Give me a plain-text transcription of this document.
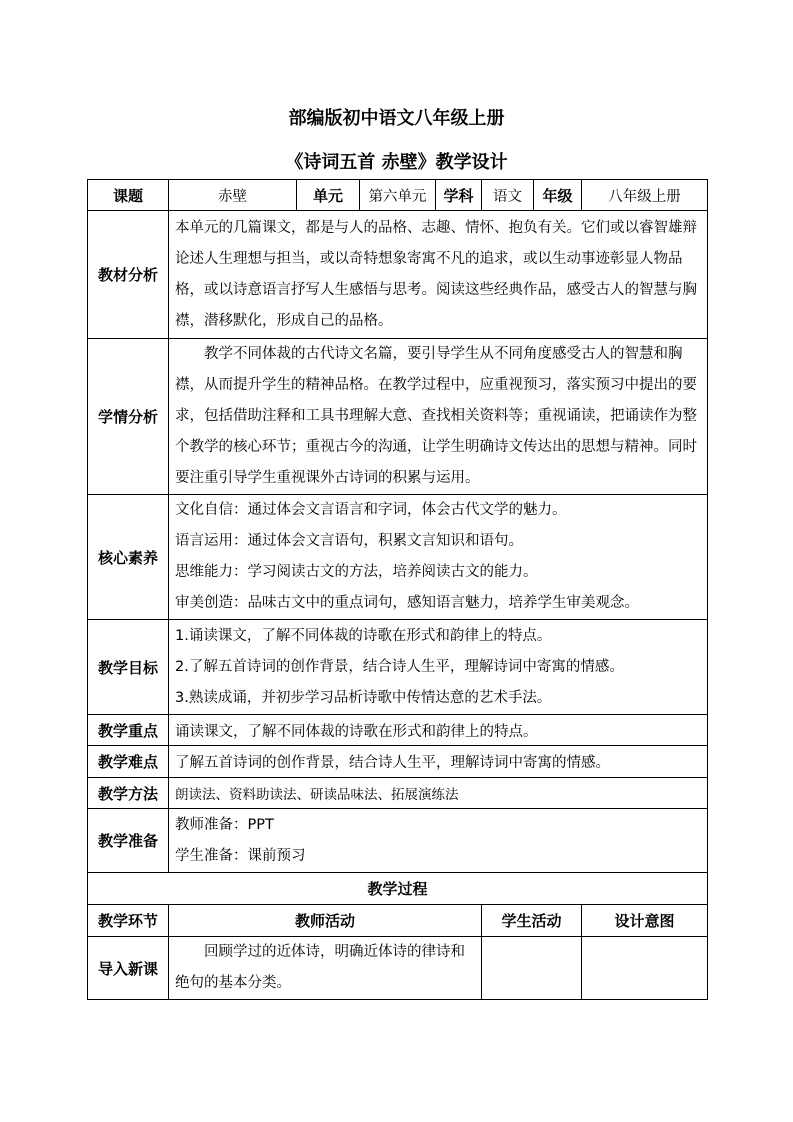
部编版初中语文八年级上册
《诗词五首 赤壁》教学设计
课题	赤壁	单元	第六单元	学科	语文	年级	八年级上册
教材分析	本单元的几篇课文，都是与人的品格、志趣、情怀、抱负有关。它们或以睿智雄辩论述人生理想与担当，或以奇特想象寄寓不凡的追求，或以生动事迹彰显人物品格，或以诗意语言抒写人生感悟与思考。阅读这些经典作品，感受古人的智慧与胸襟，潜移默化，形成自己的品格。						

学情分析	教学不同体裁的古代诗文名篇，要引导学生从不同角度感受古人的智慧和胸襟，从而提升学生的精神品格。在教学过程中，应重视预习，落实预习中提出的要求，包括借助注释和工具书理解大意、查找相关资料等；重视诵读，把诵读作为整个教学的核心环节；重视古今的沟通，让学生明确诗文传达出的思想与精神。同时要注重引导学生重视课外古诗词的积累与运用。						

核心素养	文化自信：通过体会文言语言和字词，体会古代文学的魅力。
语言运用：通过体会文言语句，积累文言知识和语句。
思维能力：学习阅读古文的方法，培养阅读古文的能力。
审美创造：品味古文中的重点词句，感知语言魅力，培养学生审美观念。						

教学目标	1.诵读课文，了解不同体裁的诗歌在形式和韵律上的特点。
2.了解五首诗词的创作背景，结合诗人生平，理解诗词中寄寓的情感。
3.熟读成诵，并初步学习品析诗歌中传情达意的艺术手法。						

教学重点	诵读课文，了解不同体裁的诗歌在形式和韵律上的特点。						
教学难点	了解五首诗词的创作背景，结合诗人生平，理解诗词中寄寓的情感。						
教学方法	朗读法、资料助读法、研读品味法、拓展演练法						
教学准备	教师准备：PPT
学生准备：课前预习						

教学过程							
教学环节	教师活动				学生活动		设计意图
导入新课	回顾学过的近体诗，明确近体诗的律诗和绝句的基本分类。						
